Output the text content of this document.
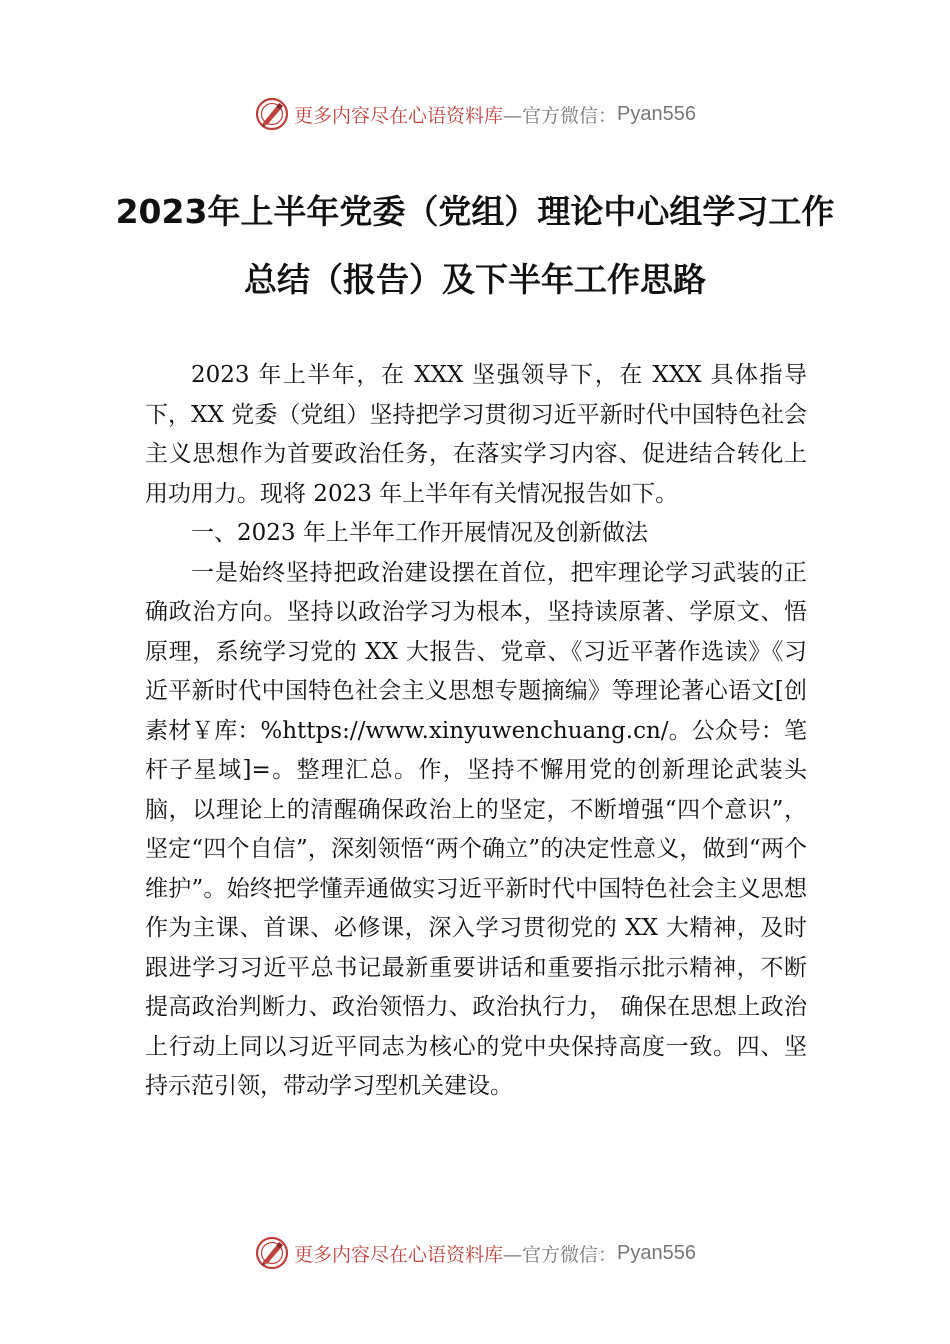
更多内容尽在心语资料库 —官方微信： Pyan556
2023年上半年党委（党组）理论中心组学习工作总结（报告）及下半年工作思路

2023 年上半年，在 XXX 坚强领导下，在 XXX 具体指导下，XX 党委（党组）坚持把学习贯彻习近平新时代中国特色社会主义思想作为首要政治任务，在落实学习内容、促进结合转化上用功用力。现将 2023 年上半年有关情况报告如下。

一、2023 年上半年工作开展情况及创新做法

一是始终坚持把政治建设摆在首位，把牢理论学习武装的正确政治方向。坚持以政治学习为根本，坚持读原著、学原文、悟原理，系统学习党的 XX 大报告、党章、《习近平著作选读》《习近平新时代中国特色社会主义思想专题摘编》等理论著心语文[创素材￥库：%https://www.xinyuwenchuang.cn/。公众号：笔杆子星域]=。整理汇总。作，坚持不懈用党的创新理论武装头脑，以理论上的清醒确保政治上的坚定，不断增强“四个意识”，坚定“四个自信”，深刻领悟“两个确立”的决定性意义，做到“两个维护”。始终把学懂弄通做实习近平新时代中国特色社会主义思想作为主课、首课、必修课，深入学习贯彻党的 XX 大精神，及时跟进学习习近平总书记最新重要讲话和重要指示批示精神，不断提高政治判断力、政治领悟力、政治执行力， 确保在思想上政治上行动上同以习近平同志为核心的党中央保持高度一致。四、坚持示范引领，带动学习型机关建设。

更多内容尽在心语资料库 —官方微信： Pyan556
